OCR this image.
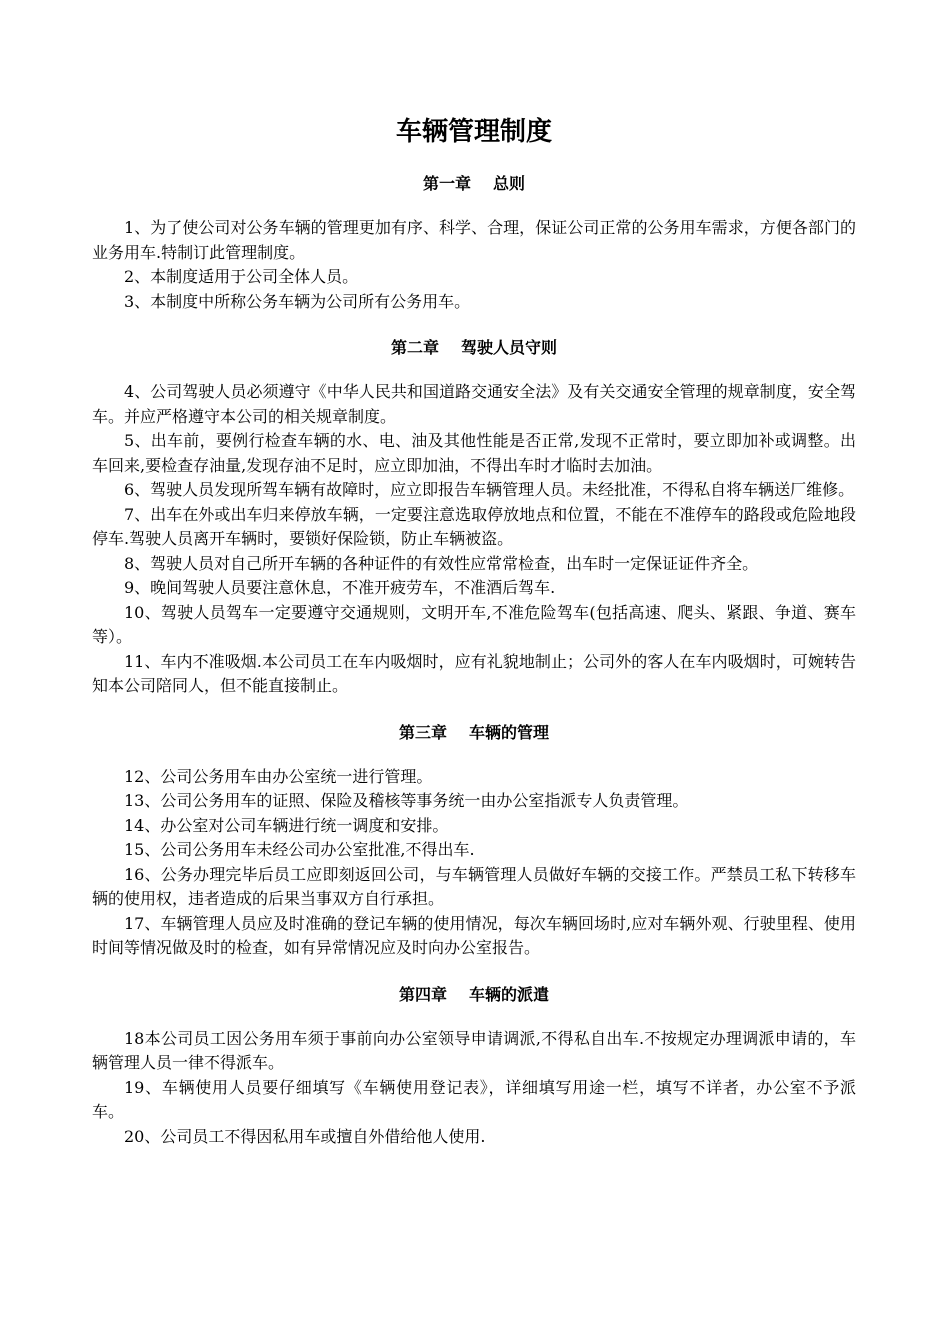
车辆管理制度
第一章 总则

1、为了使公司对公务车辆的管理更加有序、科学、合理，保证公司正常的公务用车需求，方便各部门的业务用车.特制订此管理制度。

2、本制度适用于公司全体人员。

3、本制度中所称公务车辆为公司所有公务用车。

第二章 驾驶人员守则

4、公司驾驶人员必须遵守《中华人民共和国道路交通安全法》及有关交通安全管理的规章制度，安全驾车。并应严格遵守本公司的相关规章制度。

5、出车前，要例行检查车辆的水、电、油及其他性能是否正常,发现不正常时，要立即加补或调整。出车回来,要检查存油量,发现存油不足时，应立即加油，不得出车时才临时去加油。

6、驾驶人员发现所驾车辆有故障时，应立即报告车辆管理人员。未经批准，不得私自将车辆送厂维修。

7、出车在外或出车归来停放车辆，一定要注意选取停放地点和位置，不能在不准停车的路段或危险地段停车.驾驶人员离开车辆时，要锁好保险锁，防止车辆被盗。

8、驾驶人员对自己所开车辆的各种证件的有效性应常常检查，出车时一定保证证件齐全。

9、晚间驾驶人员要注意休息，不准开疲劳车，不准酒后驾车.

10、驾驶人员驾车一定要遵守交通规则，文明开车,不准危险驾车(包括高速、爬头、紧跟、争道、赛车等）。

11、车内不准吸烟.本公司员工在车内吸烟时，应有礼貌地制止；公司外的客人在车内吸烟时，可婉转告知本公司陪同人，但不能直接制止。

第三章 车辆的管理

12、公司公务用车由办公室统一进行管理。

13、公司公务用车的证照、保险及稽核等事务统一由办公室指派专人负责管理。

14、办公室对公司车辆进行统一调度和安排。

15、公司公务用车未经公司办公室批准,不得出车.

16、公务办理完毕后员工应即刻返回公司，与车辆管理人员做好车辆的交接工作。严禁员工私下转移车辆的使用权，违者造成的后果当事双方自行承担。

17、车辆管理人员应及时准确的登记车辆的使用情况，每次车辆回场时,应对车辆外观、行驶里程、使用时间等情况做及时的检查，如有异常情况应及时向办公室报告。

第四章 车辆的派遣

18本公司员工因公务用车须于事前向办公室领导申请调派,不得私自出车.不按规定办理调派申请的，车辆管理人员一律不得派车。

19、车辆使用人员要仔细填写《车辆使用登记表》，详细填写用途一栏，填写不详者，办公室不予派车。

20、公司员工不得因私用车或擅自外借给他人使用.
